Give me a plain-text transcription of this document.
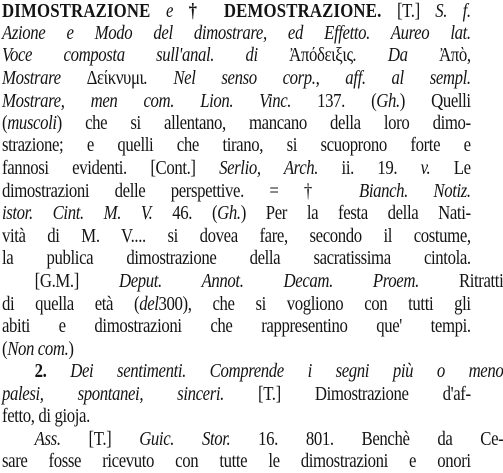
DIMOSTRAZIONE e † DEMOSTRAZIONE. [T.] S. f.
Azione e Modo del dimostrare, ed Effetto. Aureo lat.
Voce composta sull'anal. di Ἀπόδειξις. Da Ἀπὸ,
Mostrare Δείκνυμι. Nel senso corp., aff. al sempl.
Mostrare, men com. Lion. Vinc. 137. (Gh.) Quelli
(muscoli) che si allentano, mancano della loro dimo-
strazione; e quelli che tirano, si scuoprono forte e
fannosi evidenti. [Cont.] Serlio, Arch. ii. 19. v. Le
dimostrazioni delle perspettive. = † Bianch. Notiz.
istor. Cint. M. V. 46. (Gh.) Per la festa della Nati-
vità di M. V.... si dovea fare, secondo il costume,
la publica dimostrazione della sacratissima cintola.
[G.M.] Deput. Annot. Decam. Proem. Ritratti
di quella età (del300), che si vogliono con tutti gli
abiti e dimostrazioni che rappresentino que' tempi.
(Non com.)
2. Dei sentimenti. Comprende i segni più o meno
palesi, spontanei, sinceri. [T.] Dimostrazione d'af-
fetto, di gioja.
Ass. [T.] Guic. Stor. 16. 801. Benchè da Ce-
sare fosse ricevuto con tutte le dimostrazioni e onori
